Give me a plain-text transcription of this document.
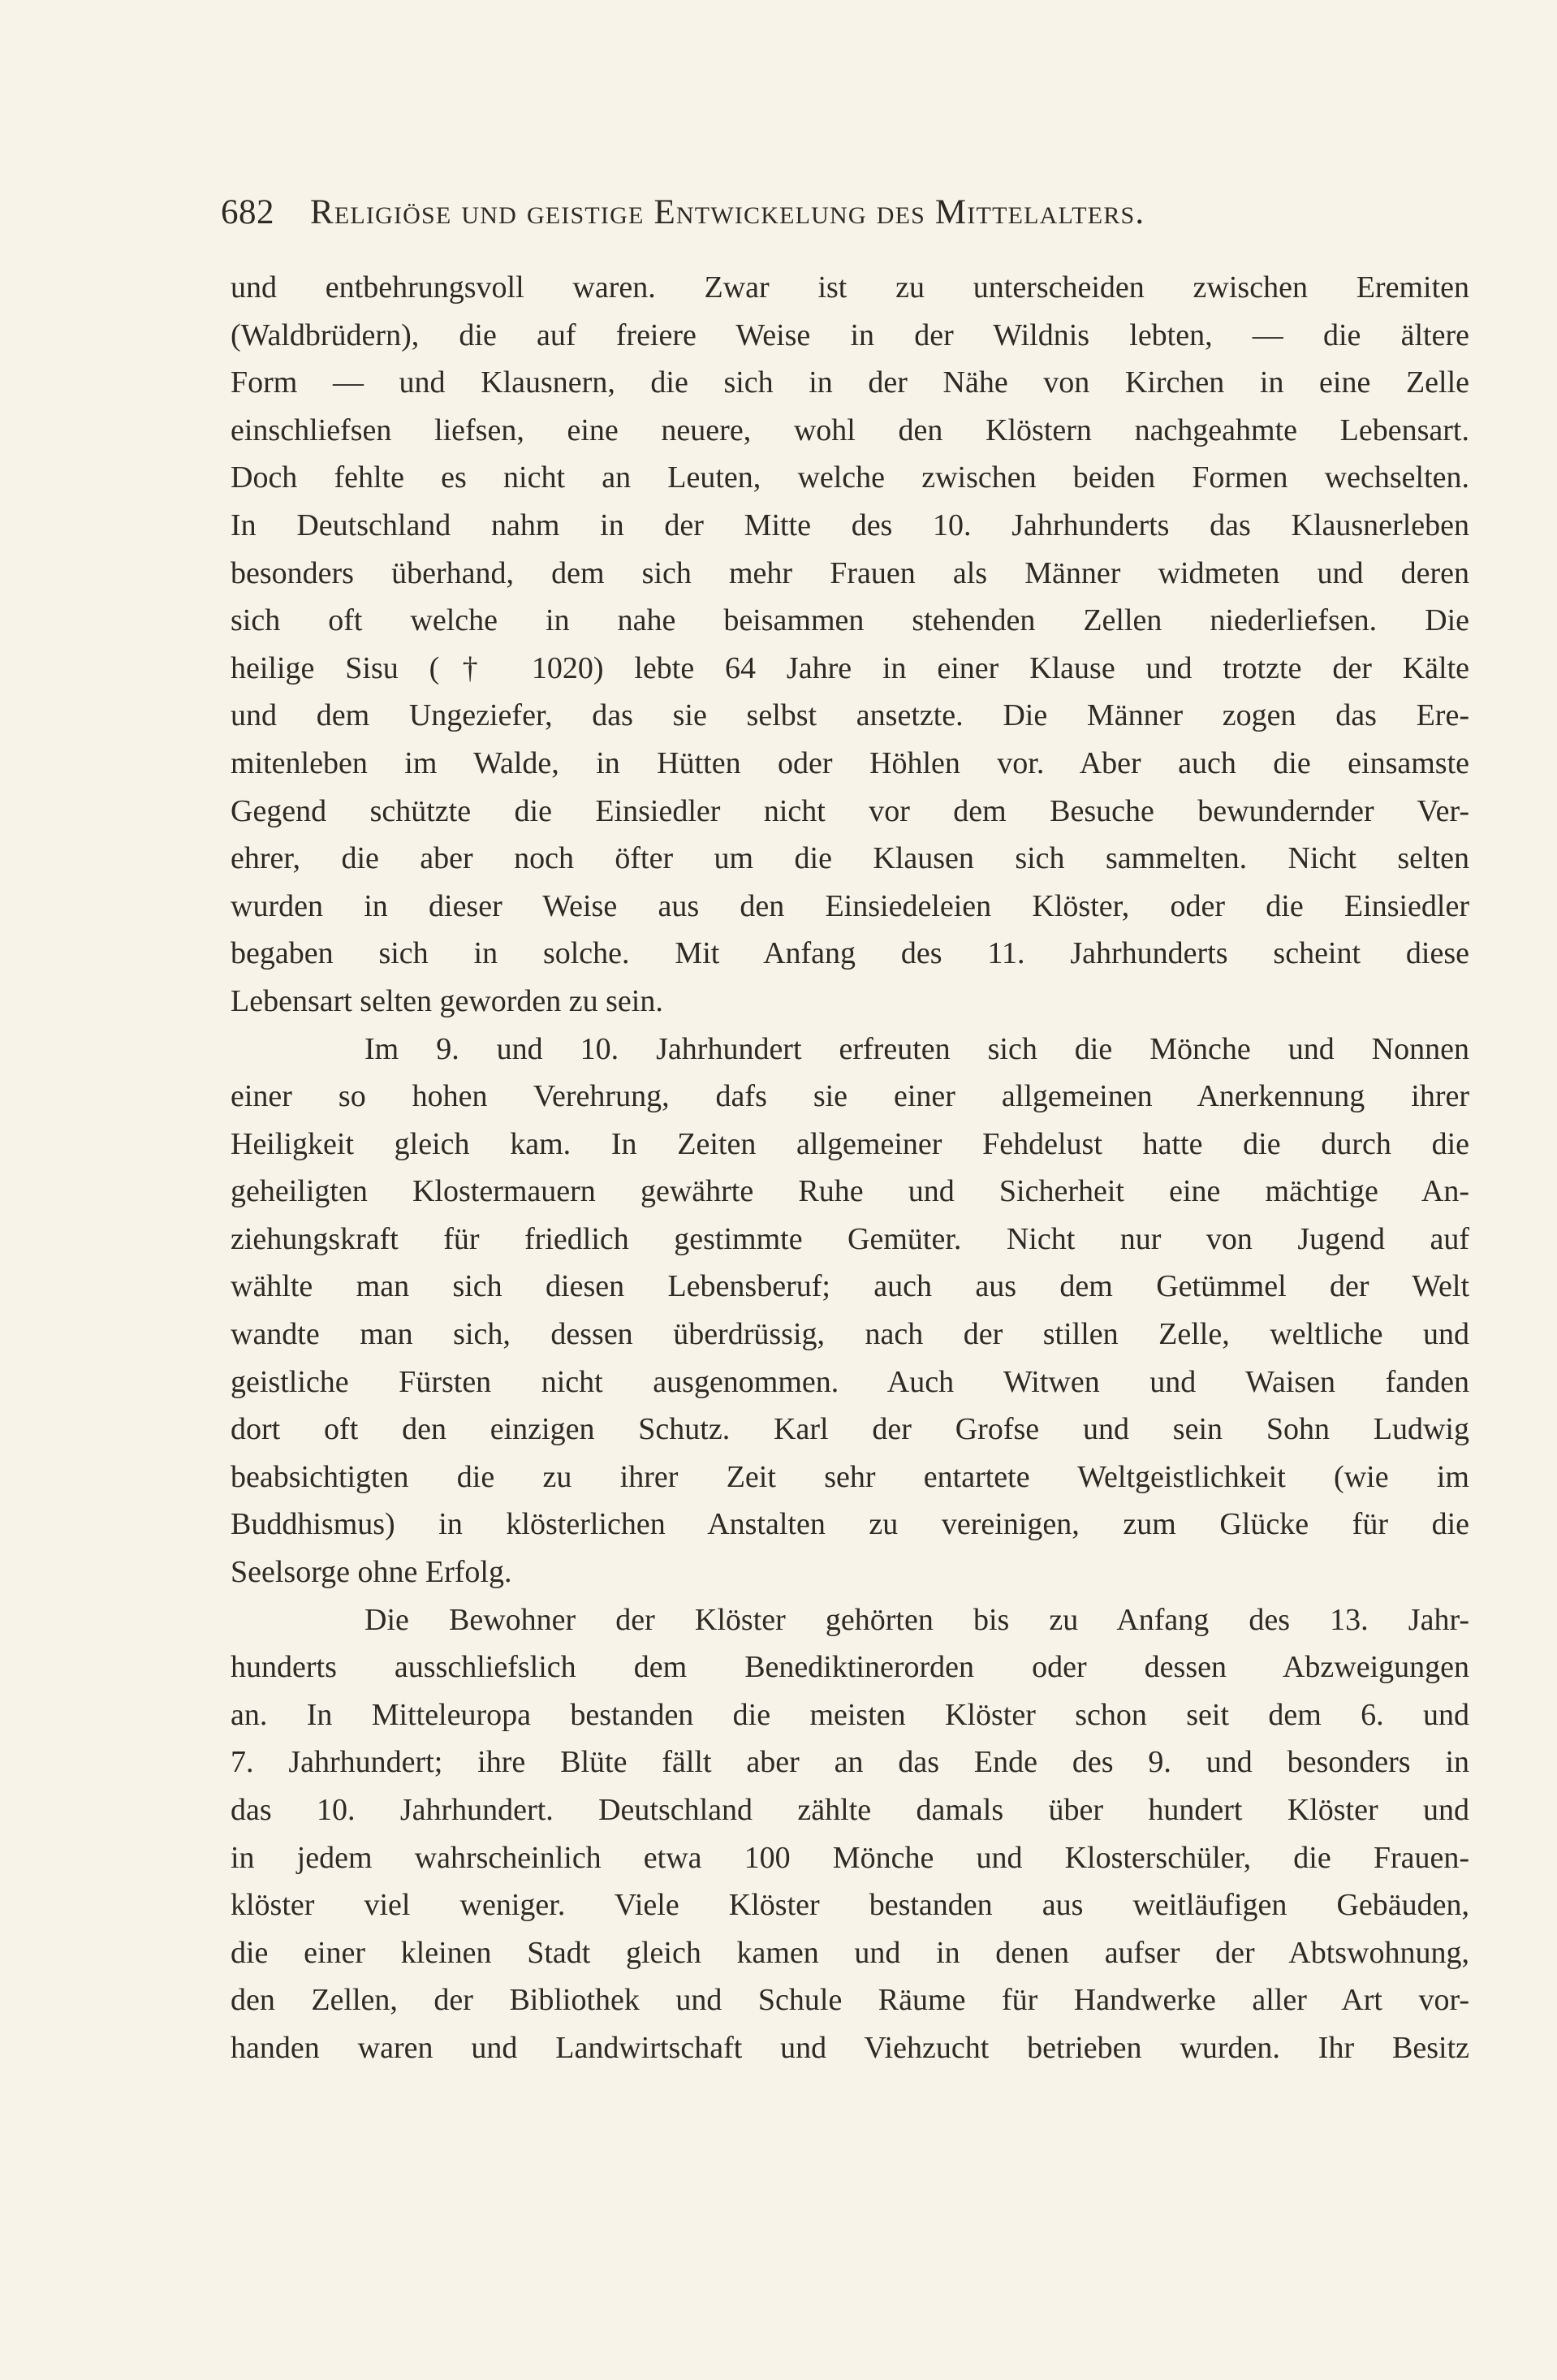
682 Religiöse und geistige Entwickelung des Mittelalters.
und entbehrungsvoll waren. Zwar ist zu unterscheiden zwischen Eremiten
(Waldbrüdern), die auf freiere Weise in der Wildnis lebten, — die ältere
Form — und Klausnern, die sich in der Nähe von Kirchen in eine Zelle
einschliefsen liefsen, eine neuere, wohl den Klöstern nachgeahmte Lebensart.
Doch fehlte es nicht an Leuten, welche zwischen beiden Formen wechselten.
In Deutschland nahm in der Mitte des 10. Jahrhunderts das Klausnerleben
besonders überhand, dem sich mehr Frauen als Männer widmeten und deren
sich oft welche in nahe beisammen stehenden Zellen niederliefsen. Die
heilige Sisu († 1020) lebte 64 Jahre in einer Klause und trotzte der Kälte
und dem Ungeziefer, das sie selbst ansetzte. Die Männer zogen das Ere-
mitenleben im Walde, in Hütten oder Höhlen vor. Aber auch die einsamste
Gegend schützte die Einsiedler nicht vor dem Besuche bewundernder Ver-
ehrer, die aber noch öfter um die Klausen sich sammelten. Nicht selten
wurden in dieser Weise aus den Einsiedeleien Klöster, oder die Einsiedler
begaben sich in solche. Mit Anfang des 11. Jahrhunderts scheint diese
Lebensart selten geworden zu sein.
Im 9. und 10. Jahrhundert erfreuten sich die Mönche und Nonnen
einer so hohen Verehrung, dafs sie einer allgemeinen Anerkennung ihrer
Heiligkeit gleich kam. In Zeiten allgemeiner Fehdelust hatte die durch die
geheiligten Klostermauern gewährte Ruhe und Sicherheit eine mächtige An-
ziehungskraft für friedlich gestimmte Gemüter. Nicht nur von Jugend auf
wählte man sich diesen Lebensberuf; auch aus dem Getümmel der Welt
wandte man sich, dessen überdrüssig, nach der stillen Zelle, weltliche und
geistliche Fürsten nicht ausgenommen. Auch Witwen und Waisen fanden
dort oft den einzigen Schutz. Karl der Grofse und sein Sohn Ludwig
beabsichtigten die zu ihrer Zeit sehr entartete Weltgeistlichkeit (wie im
Buddhismus) in klösterlichen Anstalten zu vereinigen, zum Glücke für die
Seelsorge ohne Erfolg.
Die Bewohner der Klöster gehörten bis zu Anfang des 13. Jahr-
hunderts ausschliefslich dem Benediktinerorden oder dessen Abzweigungen
an. In Mitteleuropa bestanden die meisten Klöster schon seit dem 6. und
7. Jahrhundert; ihre Blüte fällt aber an das Ende des 9. und besonders in
das 10. Jahrhundert. Deutschland zählte damals über hundert Klöster und
in jedem wahrscheinlich etwa 100 Mönche und Klosterschüler, die Frauen-
klöster viel weniger. Viele Klöster bestanden aus weitläufigen Gebäuden,
die einer kleinen Stadt gleich kamen und in denen aufser der Abtswohnung,
den Zellen, der Bibliothek und Schule Räume für Handwerke aller Art vor-
handen waren und Landwirtschaft und Viehzucht betrieben wurden. Ihr Besitz
